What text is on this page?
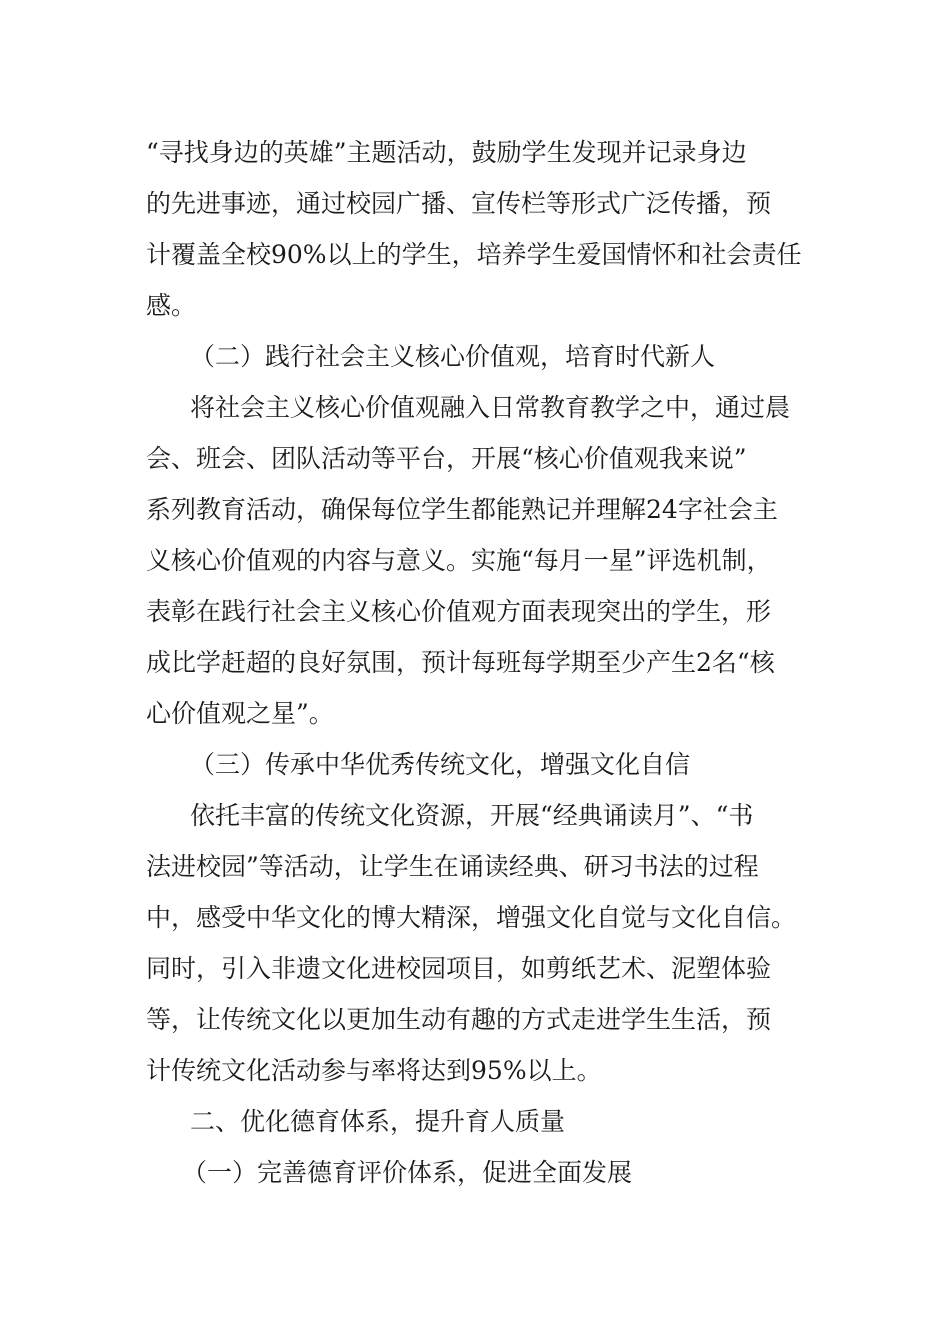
“寻找身边的英雄”主题活动，鼓励学生发现并记录身边
的先进事迹，通过校园广播、宣传栏等形式广泛传播，预
计覆盖全校90%以上的学生，培养学生爱国情怀和社会责任
感。
（二）践行社会主义核心价值观，培育时代新人
将社会主义核心价值观融入日常教育教学之中，通过晨
会、班会、团队活动等平台，开展“核心价值观我来说”
系列教育活动，确保每位学生都能熟记并理解24字社会主
义核心价值观的内容与意义。实施“每月一星”评选机制，
表彰在践行社会主义核心价值观方面表现突出的学生，形
成比学赶超的良好氛围，预计每班每学期至少产生2名“核
心价值观之星”。
（三）传承中华优秀传统文化，增强文化自信
依托丰富的传统文化资源，开展“经典诵读月”、“书
法进校园”等活动，让学生在诵读经典、研习书法的过程
中，感受中华文化的博大精深，增强文化自觉与文化自信。
同时，引入非遗文化进校园项目，如剪纸艺术、泥塑体验
等，让传统文化以更加生动有趣的方式走进学生生活，预
计传统文化活动参与率将达到95%以上。
二、优化德育体系，提升育人质量
（一）完善德育评价体系，促进全面发展
